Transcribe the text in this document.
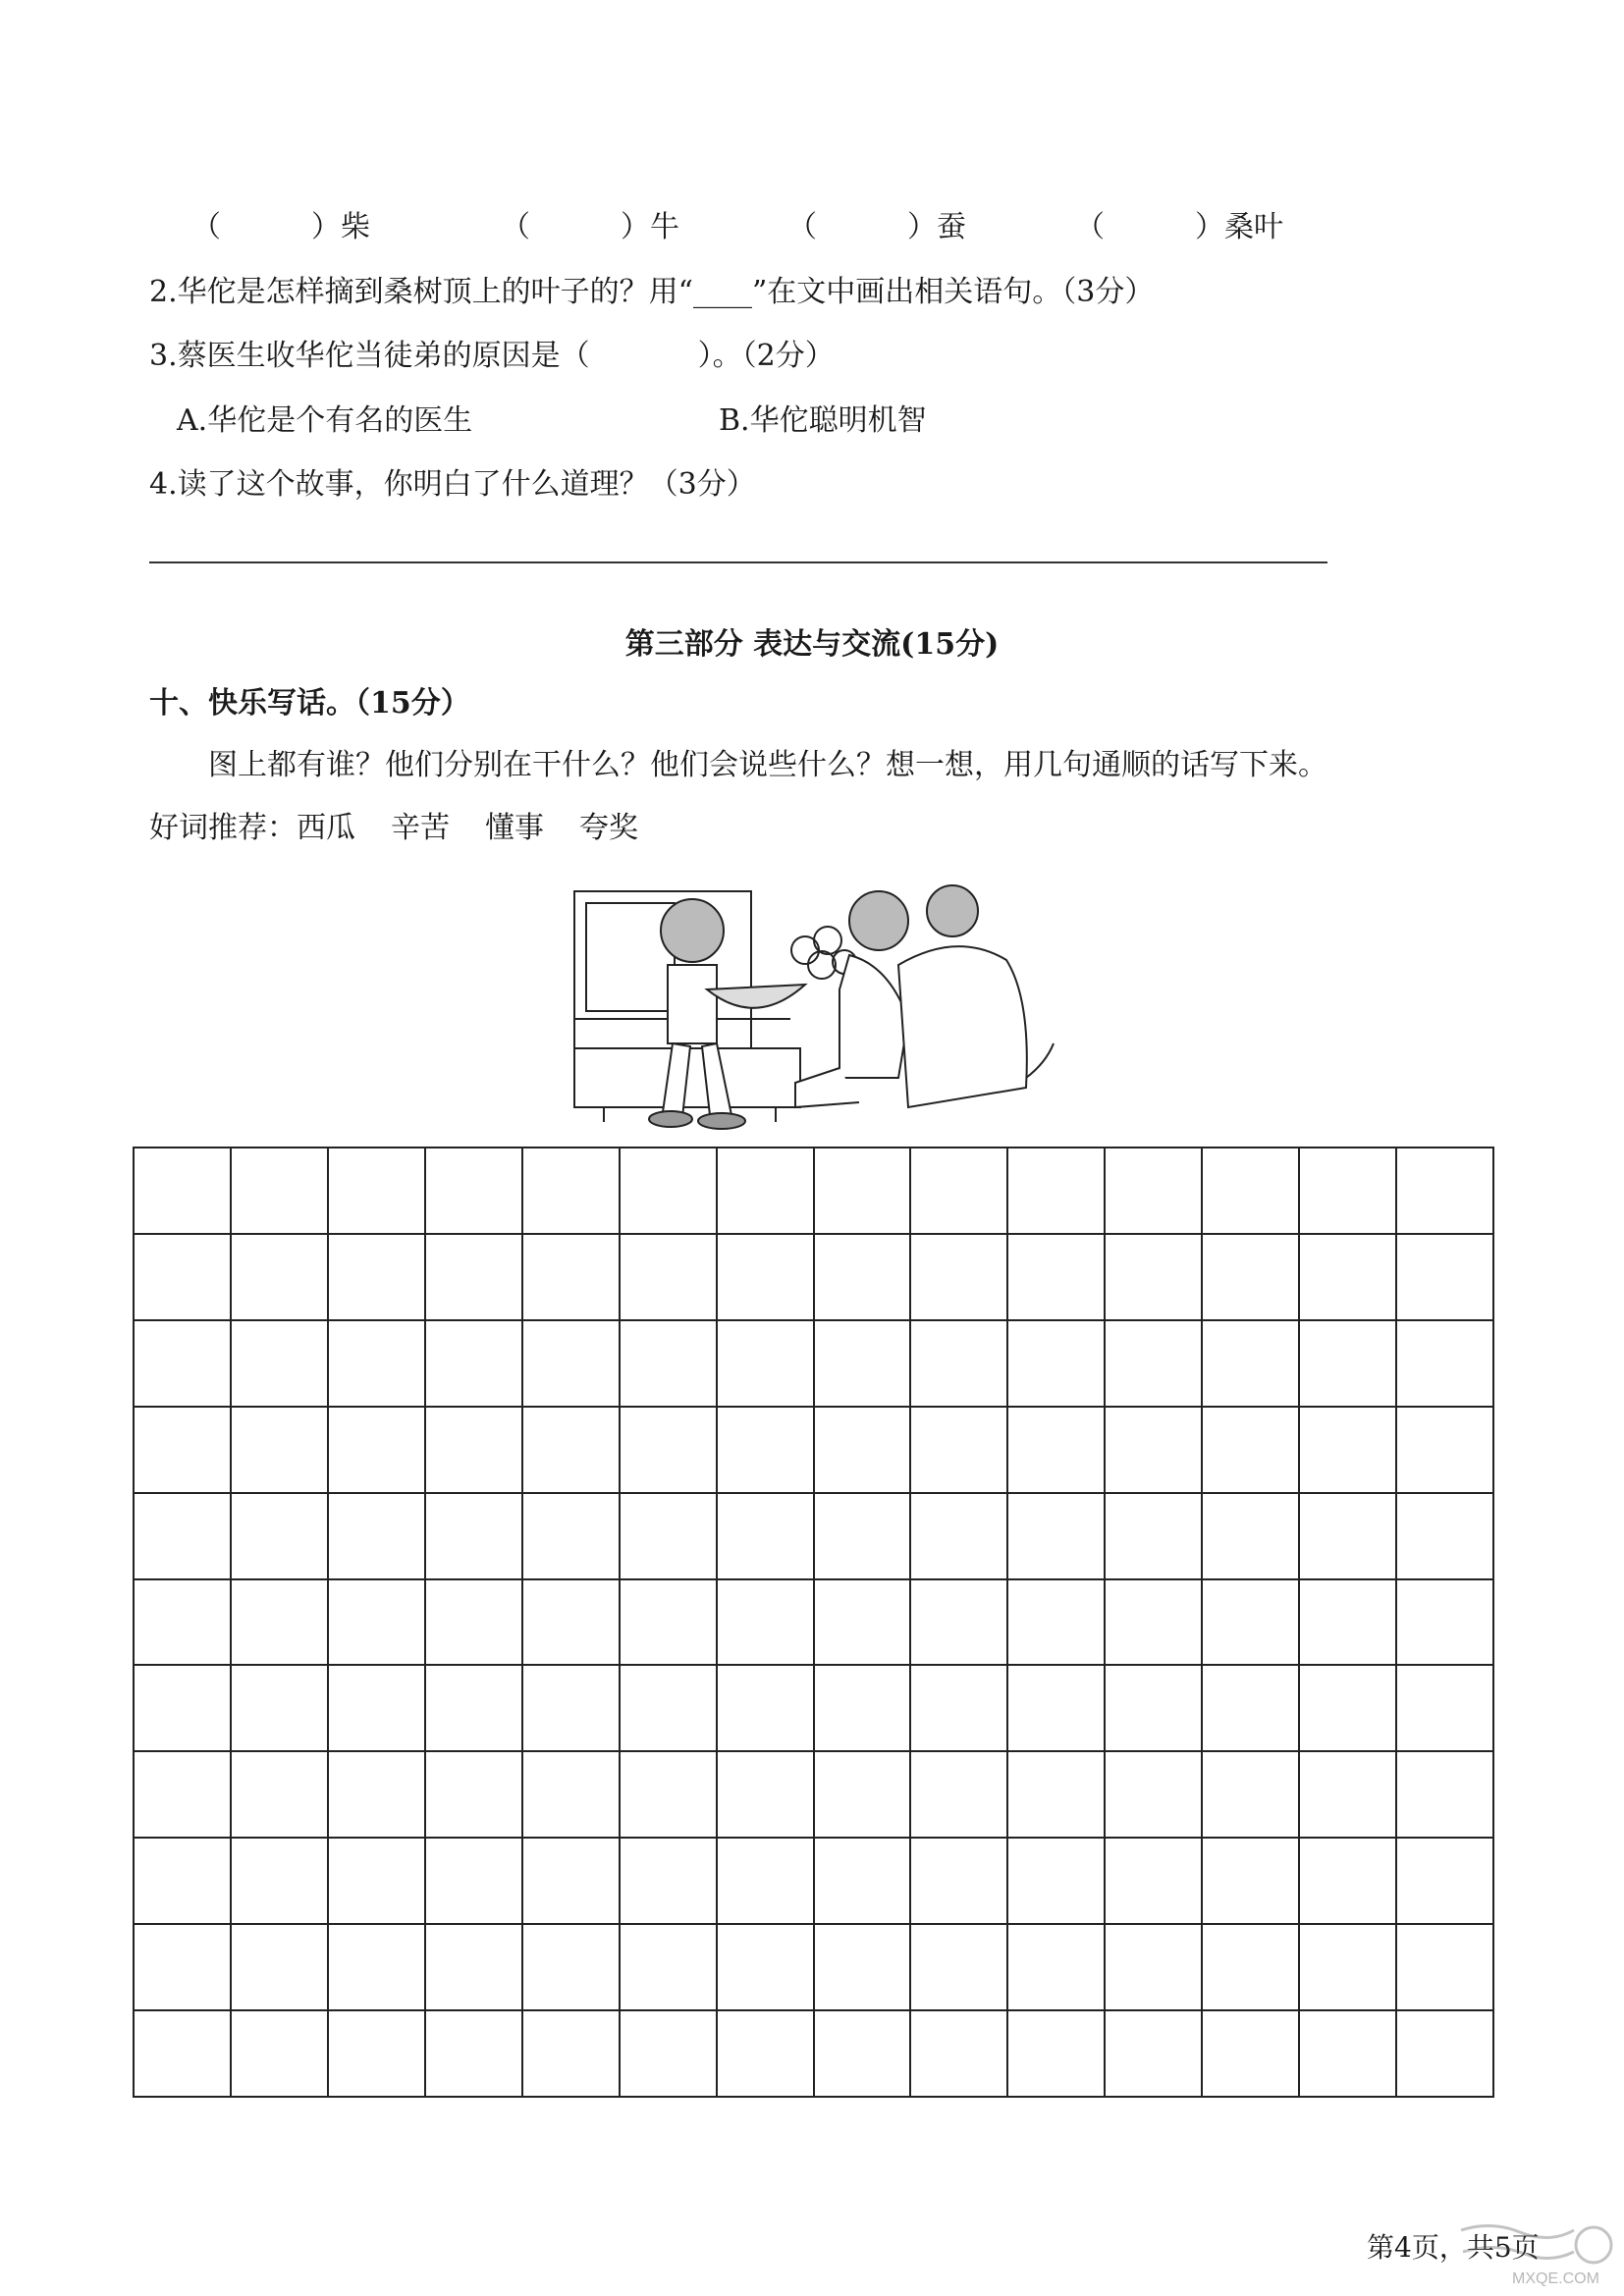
（	）柴	（	）牛	（	）蚕	（	）桑叶
2.华佗是怎样摘到桑树顶上的叶子的？用“____”在文中画出相关语句。（3分）
3.蔡医生收华佗当徒弟的原因是（	）。（2分）
A.华佗是个有名的医生	B.华佗聪明机智
4.读了这个故事，你明白了什么道理？（3分）
第三部分 表达与交流(15分)
十、快乐写话。（15分）
图上都有谁？他们分别在干什么？他们会说些什么？想一想，用几句通顺的话写下来。
好词推荐：西瓜 辛苦 懂事 夸奖
第4页，共5页
MXQE.COM
